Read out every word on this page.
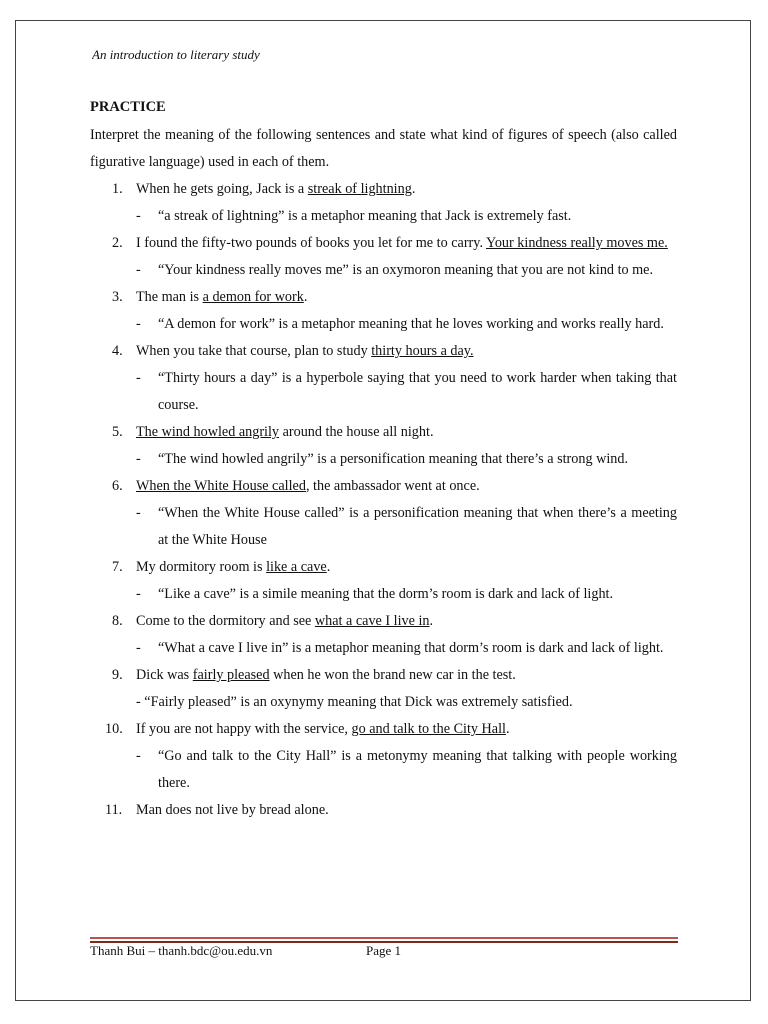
An introduction to literary study
PRACTICE
Interpret the meaning of the following sentences and state what kind of figures of speech (also called figurative language) used in each of them.
1. When he gets going, Jack is a streak of lightning.
- “a streak of lightning” is a metaphor meaning that Jack is extremely fast.
2. I found the fifty-two pounds of books you let for me to carry. Your kindness really moves me.
- “Your kindness really moves me” is an oxymoron meaning that you are not kind to me.
3. The man is a demon for work.
- “A demon for work” is a metaphor meaning that he loves working and works really hard.
4. When you take that course, plan to study thirty hours a day.
- “Thirty hours a day” is a hyperbole saying that you need to work harder when taking that course.
5. The wind howled angrily around the house all night.
- “The wind howled angrily” is a personification meaning that there’s a strong wind.
6. When the White House called, the ambassador went at once.
- “When the White House called” is a personification meaning that when there’s a meeting at the White House
7. My dormitory room is like a cave.
- “Like a cave” is a simile meaning that the dorm’s room is dark and lack of light.
8. Come to the dormitory and see what a cave I live in.
- “What a cave I live in” is a metaphor meaning that dorm’s room is dark and lack of light.
9. Dick was fairly pleased when he won the brand new car in the test.
- “Fairly pleased” is an oxynymy meaning that Dick was extremely satisfied.
10. If you are not happy with the service, go and talk to the City Hall.
- “Go and talk to the City Hall” is a metonymy meaning that talking with people working there.
11. Man does not live by bread alone.
Thanh Bui – thanh.bdc@ou.edu.vn	Page 1
